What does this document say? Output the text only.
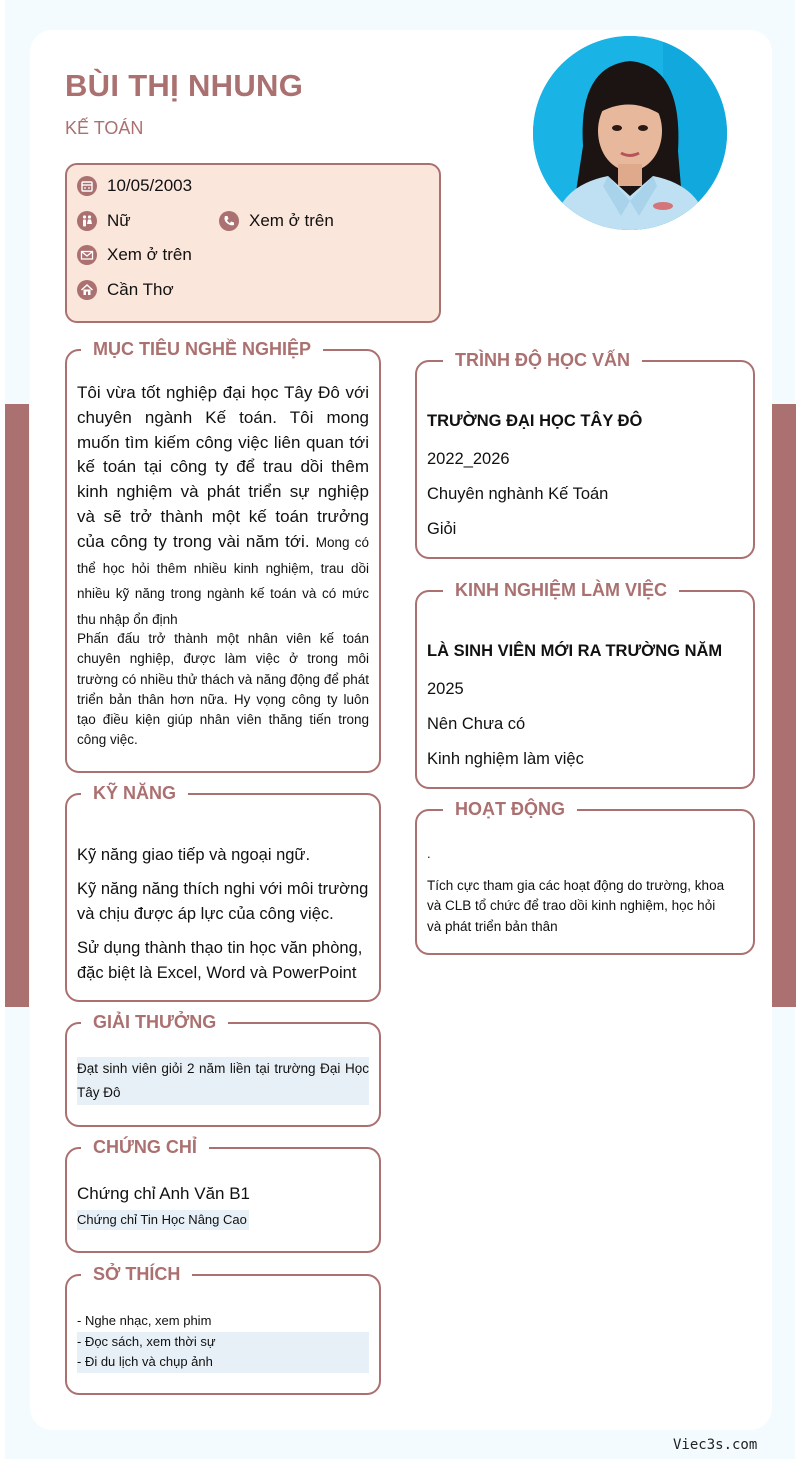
BÙI THỊ NHUNG
KẾ TOÁN
10/05/2003
Nữ	Xem ở trên
Xem ở trên
Cần Thơ
MỤC TIÊU NGHỀ NGHIỆP
Tôi vừa tốt nghiệp đại học Tây Đô với chuyên ngành Kế toán. Tôi mong muốn tìm kiếm công việc liên quan tới kế toán tại công ty để trau dồi thêm kinh nghiệm và phát triển sự nghiệp và sẽ trở thành một kế toán trưởng của công ty trong vài năm tới. Mong có thể học hỏi thêm nhiều kinh nghiệm, trau dồi nhiều kỹ năng trong ngành kế toán và có mức thu nhập ổn định
Phấn đấu trở thành một nhân viên kế toán chuyên nghiệp, được làm việc ở trong môi trường có nhiều thử thách và năng động để phát triển bản thân hơn nữa. Hy vọng công ty luôn tạo điều kiện giúp nhân viên thăng tiến trong công việc.
KỸ NĂNG
Kỹ năng giao tiếp và ngoại ngữ.
Kỹ năng năng thích nghi với môi trường và chịu được áp lực của công việc.
Sử dụng thành thạo tin học văn phòng, đặc biệt là Excel, Word và PowerPoint
GIẢI THƯỞNG
Đạt sinh viên giỏi 2 năm liền tại trường Đại Học Tây Đô
CHỨNG CHỈ
Chứng chỉ Anh Văn B1
Chứng chỉ Tin Học Nâng Cao
SỞ THÍCH
- Nghe nhạc, xem phim
- Đọc sách, xem thời sự
- Đi du lịch và chụp ảnh
TRÌNH ĐỘ HỌC VẤN
TRƯỜNG ĐẠI HỌC TÂY ĐÔ
2022_2026
Chuyên nghành Kế Toán
Giỏi
KINH NGHIỆM LÀM VIỆC
LÀ SINH VIÊN MỚI RA TRƯỜNG NĂM
2025
Nên Chưa có
Kinh nghiệm làm việc
HOẠT ĐỘNG
.
Tích cực tham gia các hoạt động do trường, khoa và CLB tổ chức để trao dồi kinh nghiệm, học hỏi và phát triển bản thân
Viec3s.com
